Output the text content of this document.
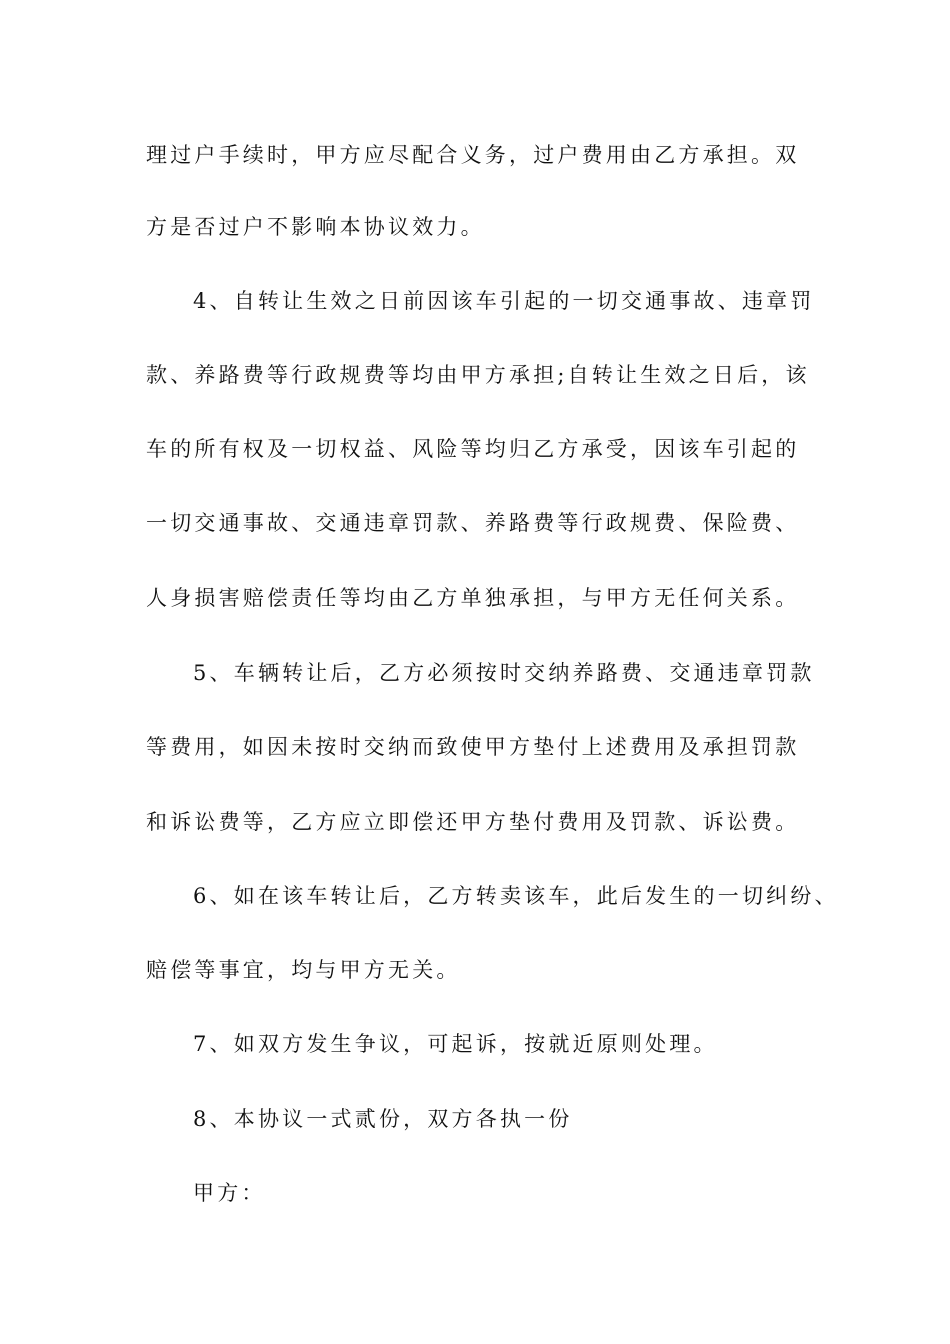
理过户手续时，甲方应尽配合义务，过户费用由乙方承担。双
方是否过户不影响本协议效力。
4、自转让生效之日前因该车引起的一切交通事故、违章罚
款、养路费等行政规费等均由甲方承担;自转让生效之日后，该
车的所有权及一切权益、风险等均归乙方承受，因该车引起的
一切交通事故、交通违章罚款、养路费等行政规费、保险费、
人身损害赔偿责任等均由乙方单独承担，与甲方无任何关系。
5、车辆转让后，乙方必须按时交纳养路费、交通违章罚款
等费用，如因未按时交纳而致使甲方垫付上述费用及承担罚款
和诉讼费等，乙方应立即偿还甲方垫付费用及罚款、诉讼费。
6、如在该车转让后，乙方转卖该车，此后发生的一切纠纷、
赔偿等事宜，均与甲方无关。
7、如双方发生争议，可起诉，按就近原则处理。
8、本协议一式贰份，双方各执一份
甲方：
